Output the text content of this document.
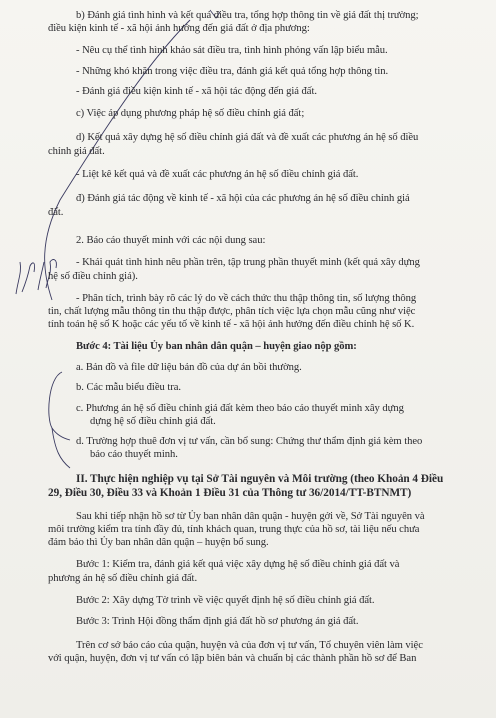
b) Đánh giá tình hình và kết quả điều tra, tổng hợp thông tin về giá đất thị trường;
điều kiện kinh tế - xã hội ảnh hưởng đến giá đất ở địa phương:
- Nêu cụ thể tình hình khảo sát điều tra, tình hình phỏng vấn lập biểu mẫu.
- Những khó khăn trong việc điều tra, đánh giá kết quả tổng hợp thông tin.
- Đánh giá điều kiện kinh tế - xã hội tác động đến giá đất.
c) Việc áp dụng phương pháp hệ số điều chỉnh giá đất;
d) Kết quả xây dựng hệ số điều chỉnh giá đất và đề xuất các phương án hệ số điều
chỉnh giá đất.
- Liệt kê kết quả và đề xuất các phương án hệ số điều chỉnh giá đất.
đ) Đánh giá tác động về kinh tế - xã hội của các phương án hệ số điều chỉnh giá
đất.
2. Báo cáo thuyết minh với các nội dung sau:
- Khái quát tình hình nêu phần trên, tập trung phần thuyết minh (kết quả xây dựng
hệ số điều chỉnh giá).
- Phân tích, trình bày rõ các lý do về cách thức thu thập thông tin, số lượng thông
tin, chất lượng mẫu thông tin thu thập được, phân tích việc lựa chọn mẫu cũng như việc
tính toán hệ số K hoặc các yếu tố về kinh tế - xã hội ảnh hưởng đến điều chỉnh hệ số K.
Bước 4: Tài liệu Ủy ban nhân dân quận – huyện giao nộp gồm:
a. Bản đồ và file dữ liệu bản đồ của dự án bồi thường.
b. Các mẫu biểu điều tra.
c. Phương án hệ số điều chỉnh giá đất kèm theo báo cáo thuyết minh xây dựng
dựng hệ số điều chỉnh giá đất.
d. Trường hợp thuê đơn vị tư vấn, cần bổ sung: Chứng thư thẩm định giá kèm theo
báo cáo thuyết minh.
II. Thực hiện nghiệp vụ tại Sở Tài nguyên và Môi trường (theo Khoản 4 Điều
29, Điều 30, Điều 33 và Khoản 1 Điều 31 của Thông tư 36/2014/TT-BTNMT)
Sau khi tiếp nhận hồ sơ từ Ủy ban nhân dân quận - huyện gởi về, Sở Tài nguyên và
môi trường kiểm tra tính đầy đủ, tính khách quan, trung thực của hồ sơ, tài liệu nếu chưa
đảm bảo thì Ủy ban nhân dân quận – huyện bổ sung.
Bước 1: Kiểm tra, đánh giá kết quả việc xây dựng hệ số điều chỉnh giá đất và
phương án hệ số điều chỉnh giá đất.
Bước 2: Xây dựng Tờ trình về việc quyết định hệ số điều chỉnh giá đất.
Bước 3: Trình Hội đồng thẩm định giá đất hồ sơ phương án giá đất.
Trên cơ sở báo cáo của quận, huyện và của đơn vị tư vấn, Tổ chuyên viên làm việc
với quận, huyện, đơn vị tư vấn có lập biên bản và chuẩn bị các thành phần hồ sơ để Ban
